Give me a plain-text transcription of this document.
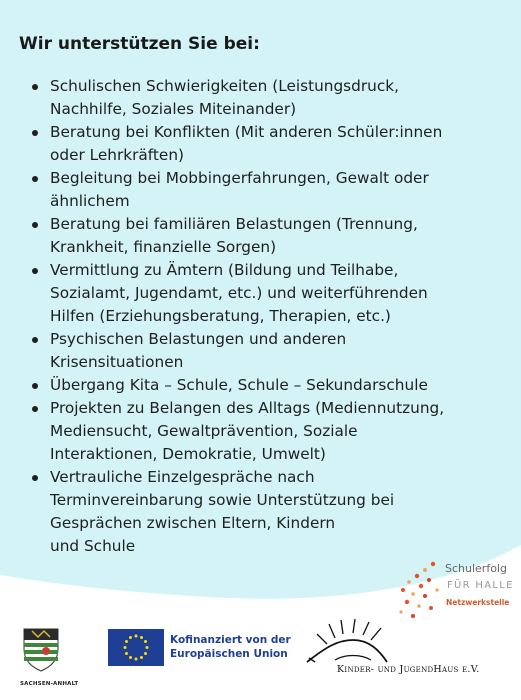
Wir unterstützen Sie bei:
Schulischen Schwierigkeiten (Leistungsdruck,
Nachhilfe, Soziales Miteinander)
Beratung bei Konflikten (Mit anderen Schüler:innen
oder Lehrkräften)
Begleitung bei Mobbingerfahrungen, Gewalt oder
ähnlichem
Beratung bei familiären Belastungen (Trennung,
Krankheit, finanzielle Sorgen)
Vermittlung zu Ämtern (Bildung und Teilhabe,
Sozialamt, Jugendamt, etc.) und weiterführenden
Hilfen (Erziehungsberatung, Therapien, etc.)
Psychischen Belastungen und anderen
Krisensituationen
Übergang Kita – Schule, Schule – Sekundarschule
Projekten zu Belangen des Alltags (Mediennutzung,
Mediensucht, Gewaltprävention, Soziale
Interaktionen, Demokratie, Umwelt)
Vertrauliche Einzelgespräche nach
Terminvereinbarung sowie Unterstützung bei
Gesprächen zwischen Eltern, Kindern
und Schule
Schulerfolg
FÜR HALLE
Netzwerkstelle
SACHSEN-ANHALT
Kofinanziert von der
Europäischen Union
Kinder- und JugendHaus e.V.
